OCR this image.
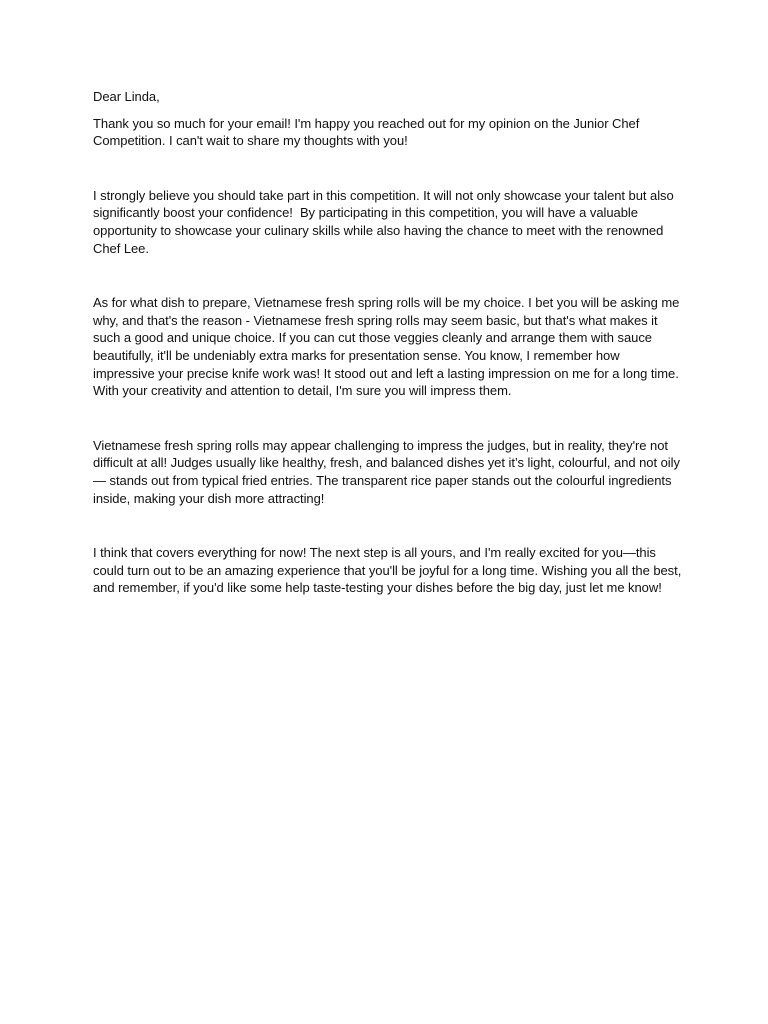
Dear Linda,

Thank you so much for your email! I'm happy you reached out for my opinion on the Junior Chef Competition. I can't wait to share my thoughts with you!

I strongly believe you should take part in this competition. It will not only showcase your talent but also significantly boost your confidence!  By participating in this competition, you will have a valuable opportunity to showcase your culinary skills while also having the chance to meet with the renowned Chef Lee.

As for what dish to prepare, Vietnamese fresh spring rolls will be my choice. I bet you will be asking me why, and that's the reason - Vietnamese fresh spring rolls may seem basic, but that's what makes it such a good and unique choice. If you can cut those veggies cleanly and arrange them with sauce beautifully, it'll be undeniably extra marks for presentation sense. You know, I remember how impressive your precise knife work was! It stood out and left a lasting impression on me for a long time. With your creativity and attention to detail, I'm sure you will impress them.

Vietnamese fresh spring rolls may appear challenging to impress the judges, but in reality, they're not difficult at all! Judges usually like healthy, fresh, and balanced dishes yet it’s light, colourful, and not oily — stands out from typical fried entries. The transparent rice paper stands out the colourful ingredients inside, making your dish more attracting!

I think that covers everything for now! The next step is all yours, and I'm really excited for you—this could turn out to be an amazing experience that you'll be joyful for a long time. Wishing you all the best, and remember, if you'd like some help taste-testing your dishes before the big day, just let me know!
